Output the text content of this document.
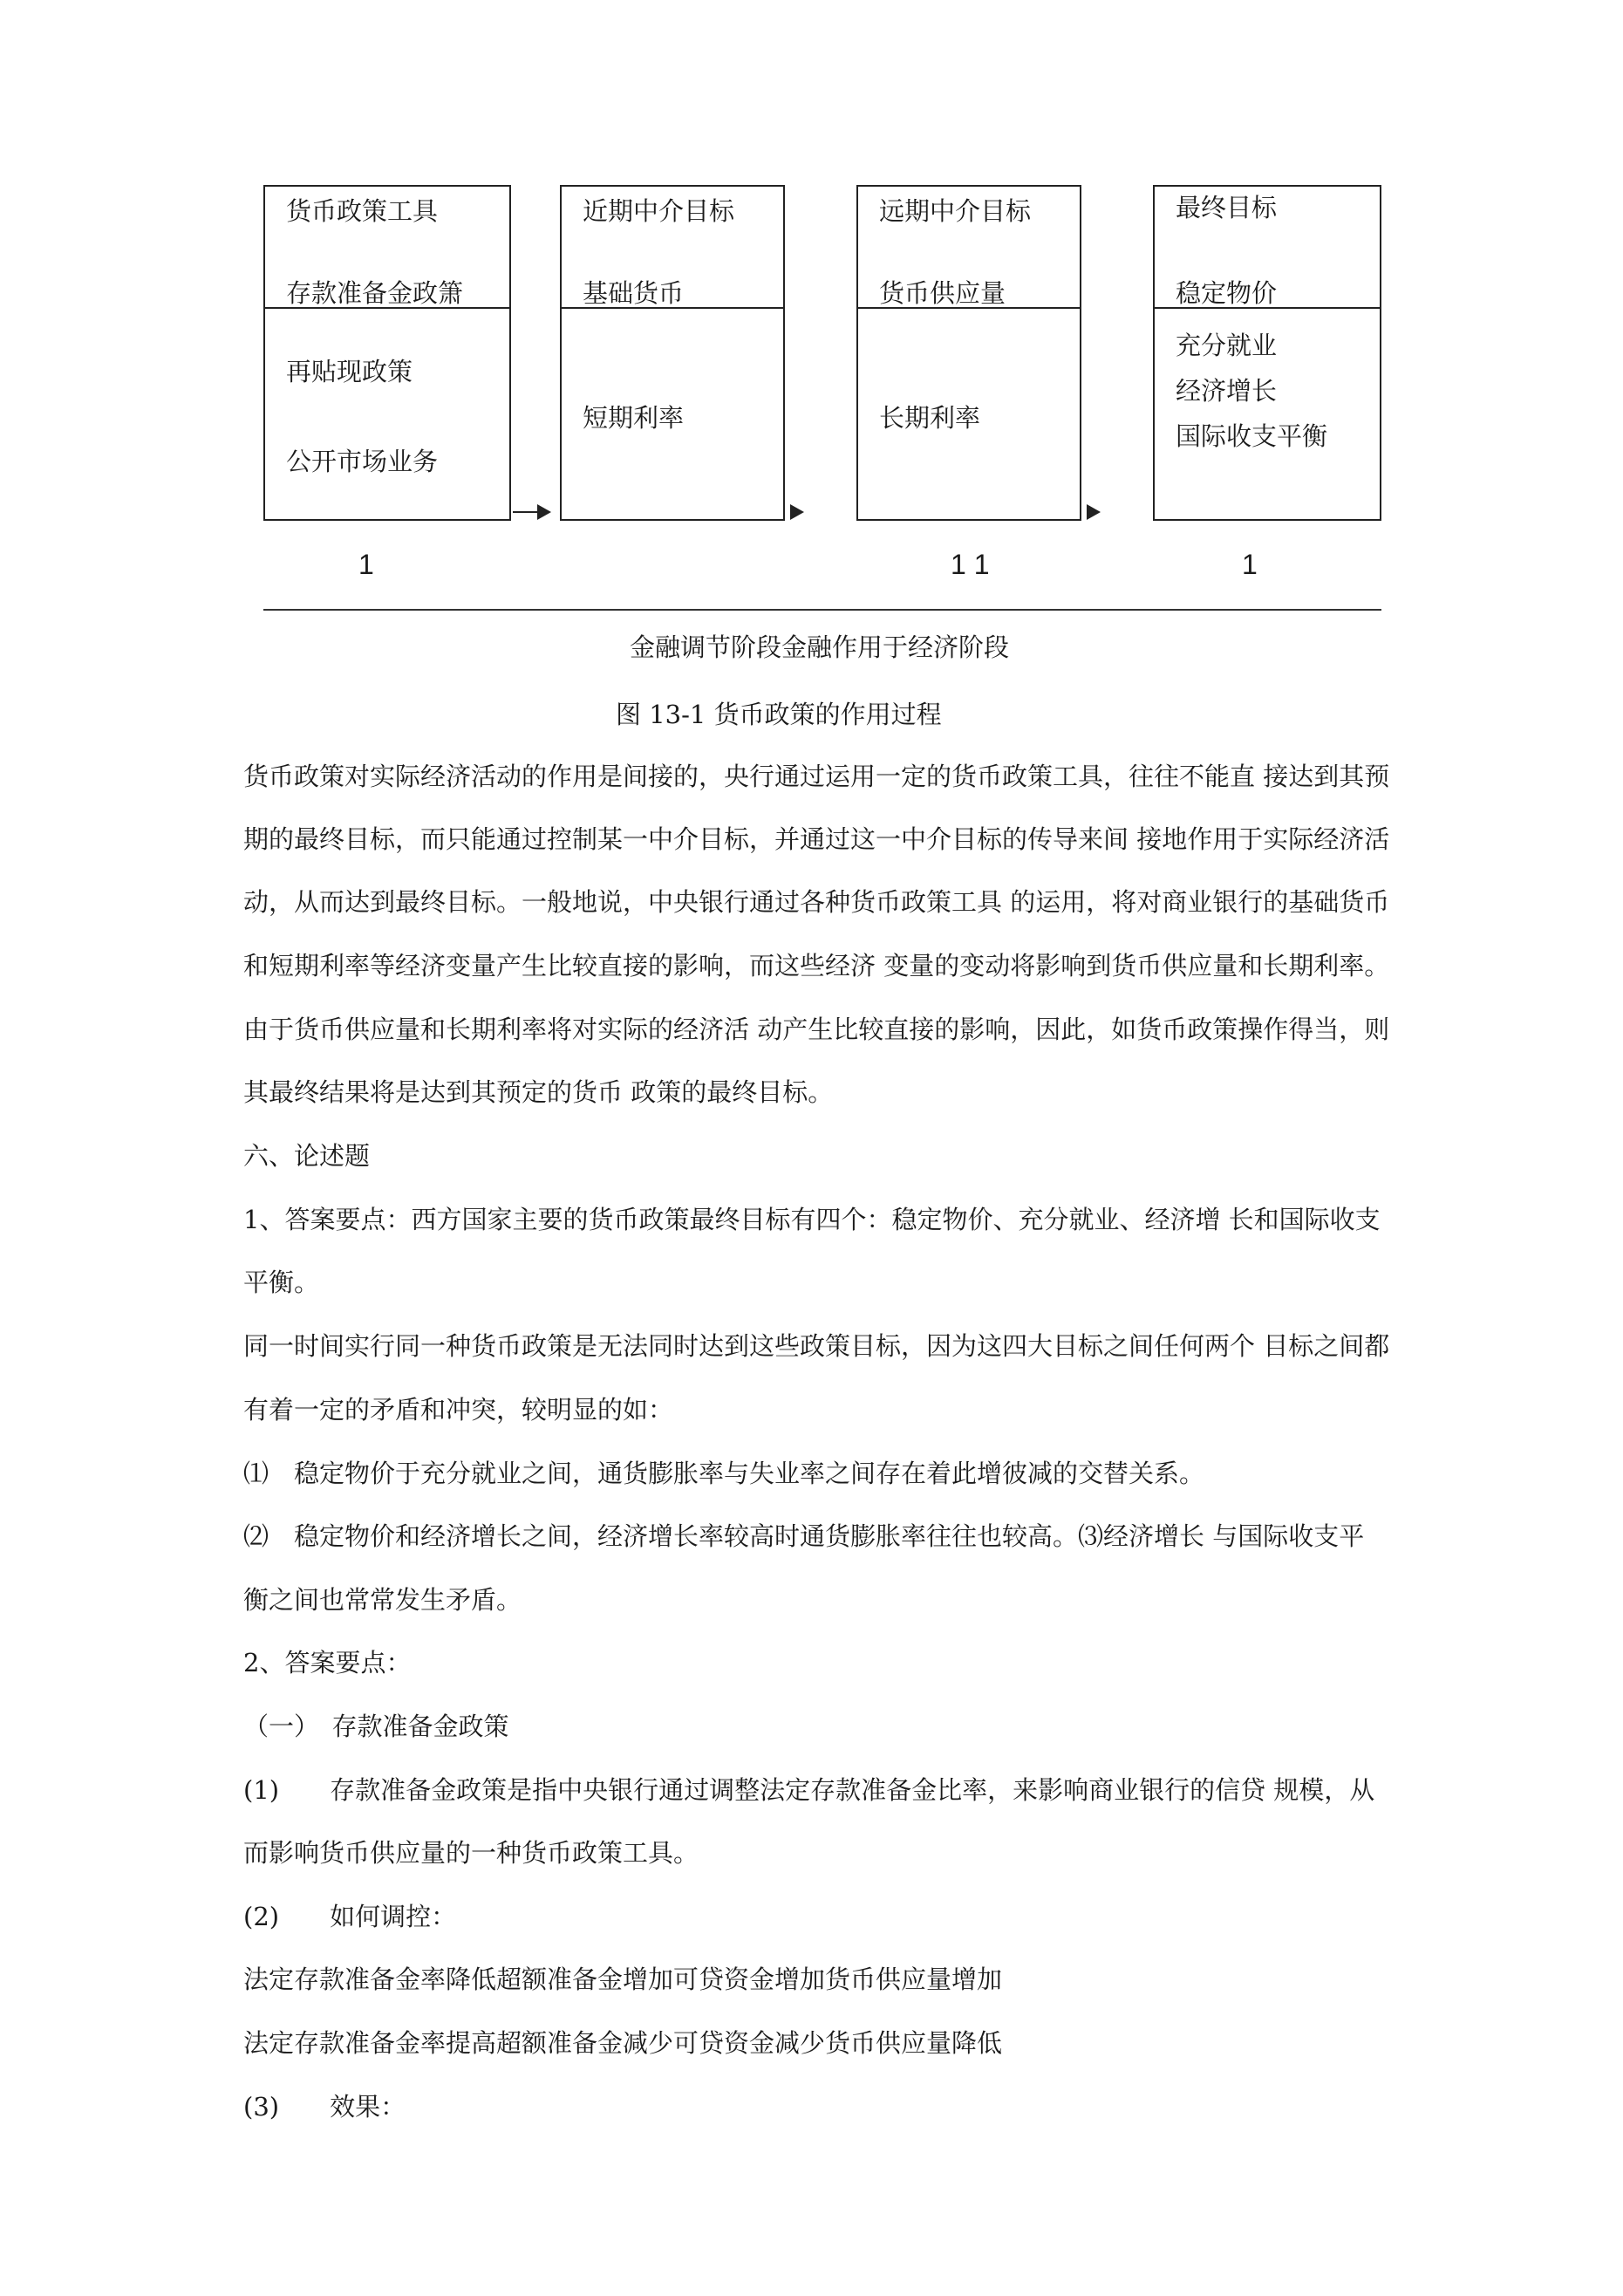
货币政策工具
存款准备金政箫
再贴现政策
公开市场业务
近期中介目标
基础货币
短期利率
远期中介目标
货币供应量
长期利率
最终目标
稳定物价
充分就业
经济增长
国际收支平衡
1	1 1	1
金融调节阶段金融作用于经济阶段
图 13-1 货币政策的作用过程
货币政策对实际经济活动的作用是间接的，央行通过运用一定的货币政策工具，往往不能直 接达到其预
期的最终目标，而只能通过控制某一中介目标，并通过这一中介目标的传导来间 接地作用于实际经济活
动，从而达到最终目标。一般地说，中央银行通过各种货币政策工具 的运用，将对商业银行的基础货币
和短期利率等经济变量产生比较直接的影响，而这些经济 变量的变动将影响到货币供应量和长期利率。
由于货币供应量和长期利率将对实际的经济活 动产生比较直接的影响，因此，如货币政策操作得当，则
其最终结果将是达到其预定的货币 政策的最终目标。
六、论述题
1、答案要点：西方国家主要的货币政策最终目标有四个：稳定物价、充分就业、经济增 长和国际收支
平衡。
同一时间实行同一种货币政策是无法同时达到这些政策目标，因为这四大目标之间任何两个 目标之间都
有着一定的矛盾和冲突，较明显的如：
⑴　稳定物价于充分就业之间，通货膨胀率与失业率之间存在着此增彼减的交替关系。
⑵　稳定物价和经济增长之间，经济增长率较高时通货膨胀率往往也较高。⑶经济增长 与国际收支平
衡之间也常常发生矛盾。
2、答案要点：
（一）　存款准备金政策
(1)　　存款准备金政策是指中央银行通过调整法定存款准备金比率，来影响商业银行的信贷 规模，从
而影响货币供应量的一种货币政策工具。
(2)　　如何调控：
法定存款准备金率降低超额准备金增加可贷资金增加货币供应量增加
法定存款准备金率提高超额准备金减少可贷资金减少货币供应量降低
(3)　　效果：
